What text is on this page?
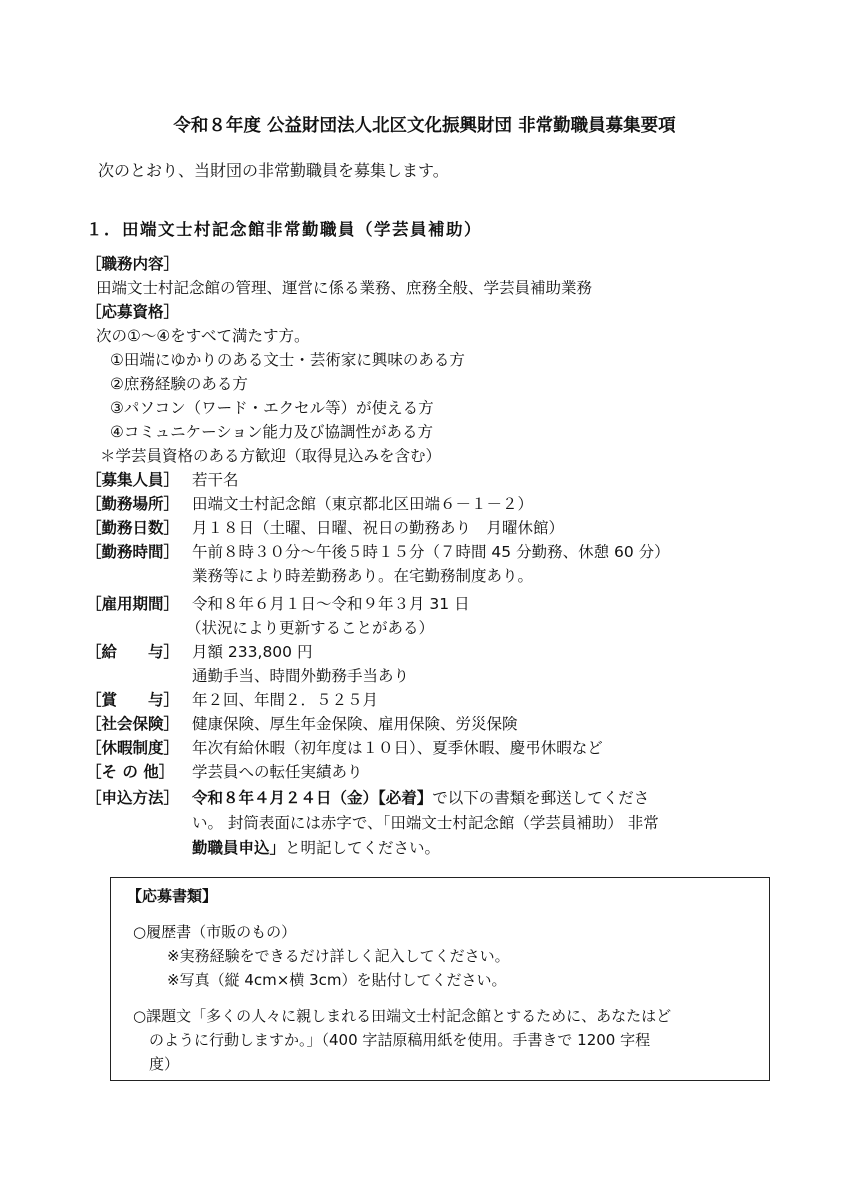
令和８年度 公益財団法人北区文化振興財団 非常勤職員募集要項
次のとおり、当財団の非常勤職員を募集します。
１．田端文士村記念館非常勤職員（学芸員補助）
［職務内容］
田端文士村記念館の管理、運営に係る業務、庶務全般、学芸員補助業務
［応募資格］
次の①～④をすべて満たす方。
①田端にゆかりのある文士・芸術家に興味のある方
②庶務経験のある方
③パソコン（ワード・エクセル等）が使える方
④コミュニケーション能力及び協調性がある方
＊学芸員資格のある方歓迎（取得見込みを含む）
［募集人員］ 若干名
［勤務場所］ 田端文士村記念館（東京都北区田端６－１－２）
［勤務日数］ 月１８日（土曜、日曜、祝日の勤務あり　月曜休館）
［勤務時間］ 午前８時３０分～午後５時１５分（７時間 45 分勤務、休憩 60 分）
業務等により時差勤務あり。在宅勤務制度あり。
［雇用期間］ 令和８年６月１日～令和９年３月 31 日
（状況により更新することがある）
［給　　与］ 月額 233,800 円
通勤手当、時間外勤務手当あり
［賞　　与］ 年２回、年間２．５２５月
［社会保険］ 健康保険、厚生年金保険、雇用保険、労災保険
［休暇制度］ 年次有給休暇（初年度は１０日）、夏季休暇、慶弔休暇など
［そ の 他］ 学芸員への転任実績あり
［申込方法］ 令和８年４月２４日（金）【必着】で以下の書類を郵送してくださ
い。 封筒表面には赤字で、「田端文士村記念館（学芸員補助） 非常
勤職員申込」と明記してください。
【応募書類】
○履歴書（市販のもの）
※実務経験をできるだけ詳しく記入してください。
※写真（縦 4cm×横 3cm）を貼付してください。
○課題文「多くの人々に親しまれる田端文士村記念館とするために、あなたはど
のように行動しますか。」（400 字詰原稿用紙を使用。手書きで 1200 字程
度）
